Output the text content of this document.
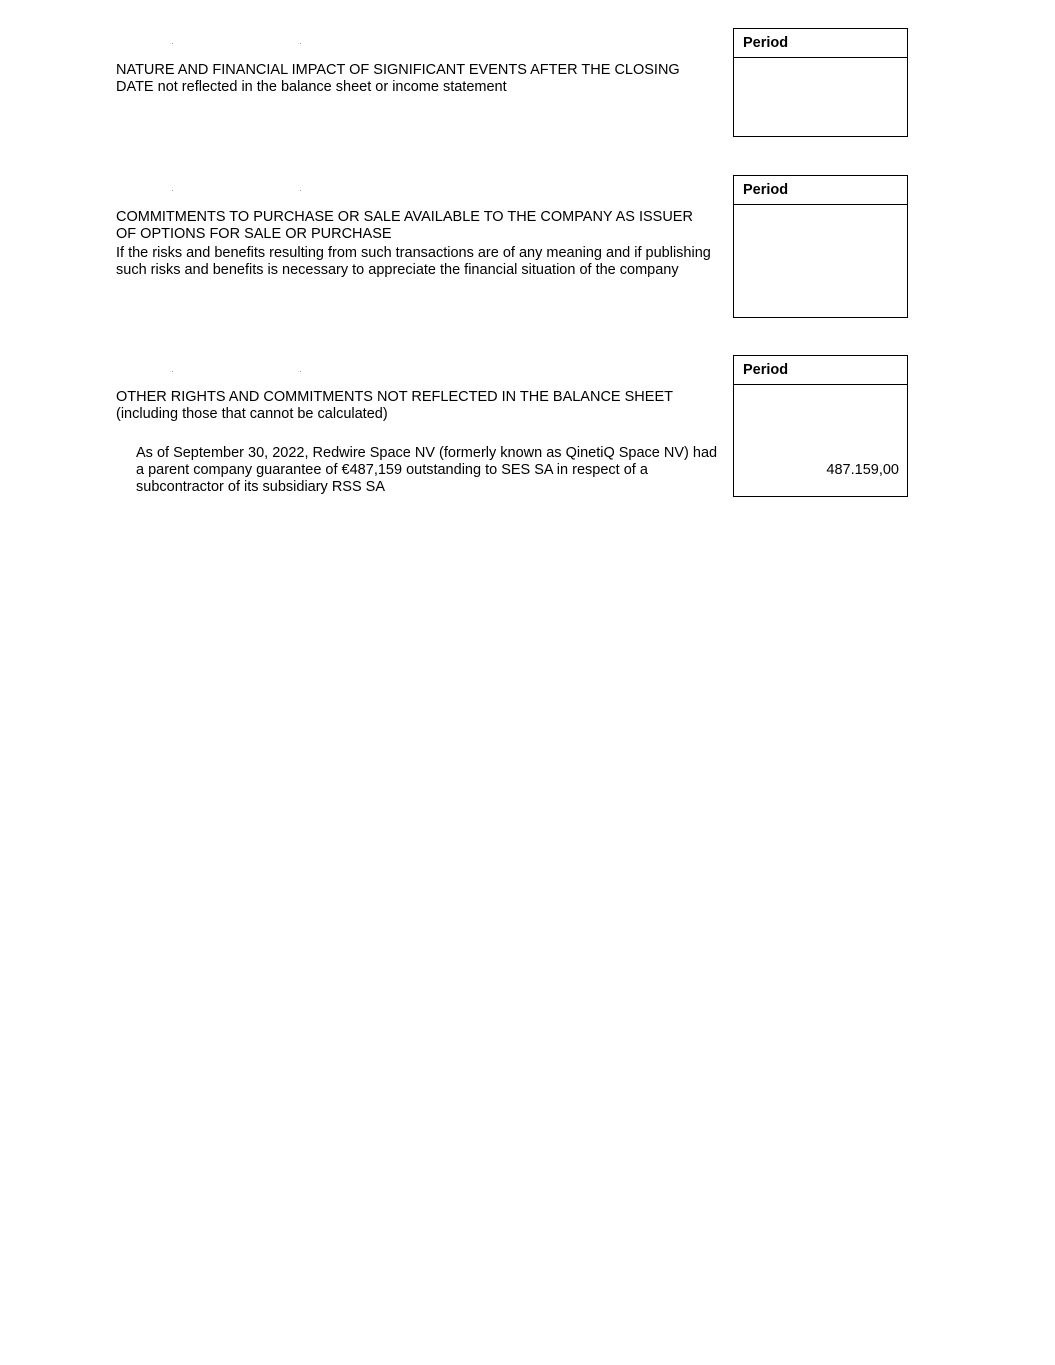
NATURE AND FINANCIAL IMPACT OF SIGNIFICANT EVENTS AFTER THE CLOSING
DATE not reflected in the balance sheet or income statement
Period
COMMITMENTS TO PURCHASE OR SALE AVAILABLE TO THE COMPANY AS ISSUER
OF OPTIONS FOR SALE OR PURCHASE
If the risks and benefits resulting from such transactions are of any meaning and if publishing
such risks and benefits is necessary to appreciate the financial situation of the company
Period
OTHER RIGHTS AND COMMITMENTS NOT REFLECTED IN THE BALANCE SHEET
(including those that cannot be calculated)
As of September 30, 2022, Redwire Space NV (formerly known as QinetiQ Space NV) had
a parent company guarantee of €487,159 outstanding to SES SA in respect of a
subcontractor of its subsidiary RSS SA
Period
487.159,00
